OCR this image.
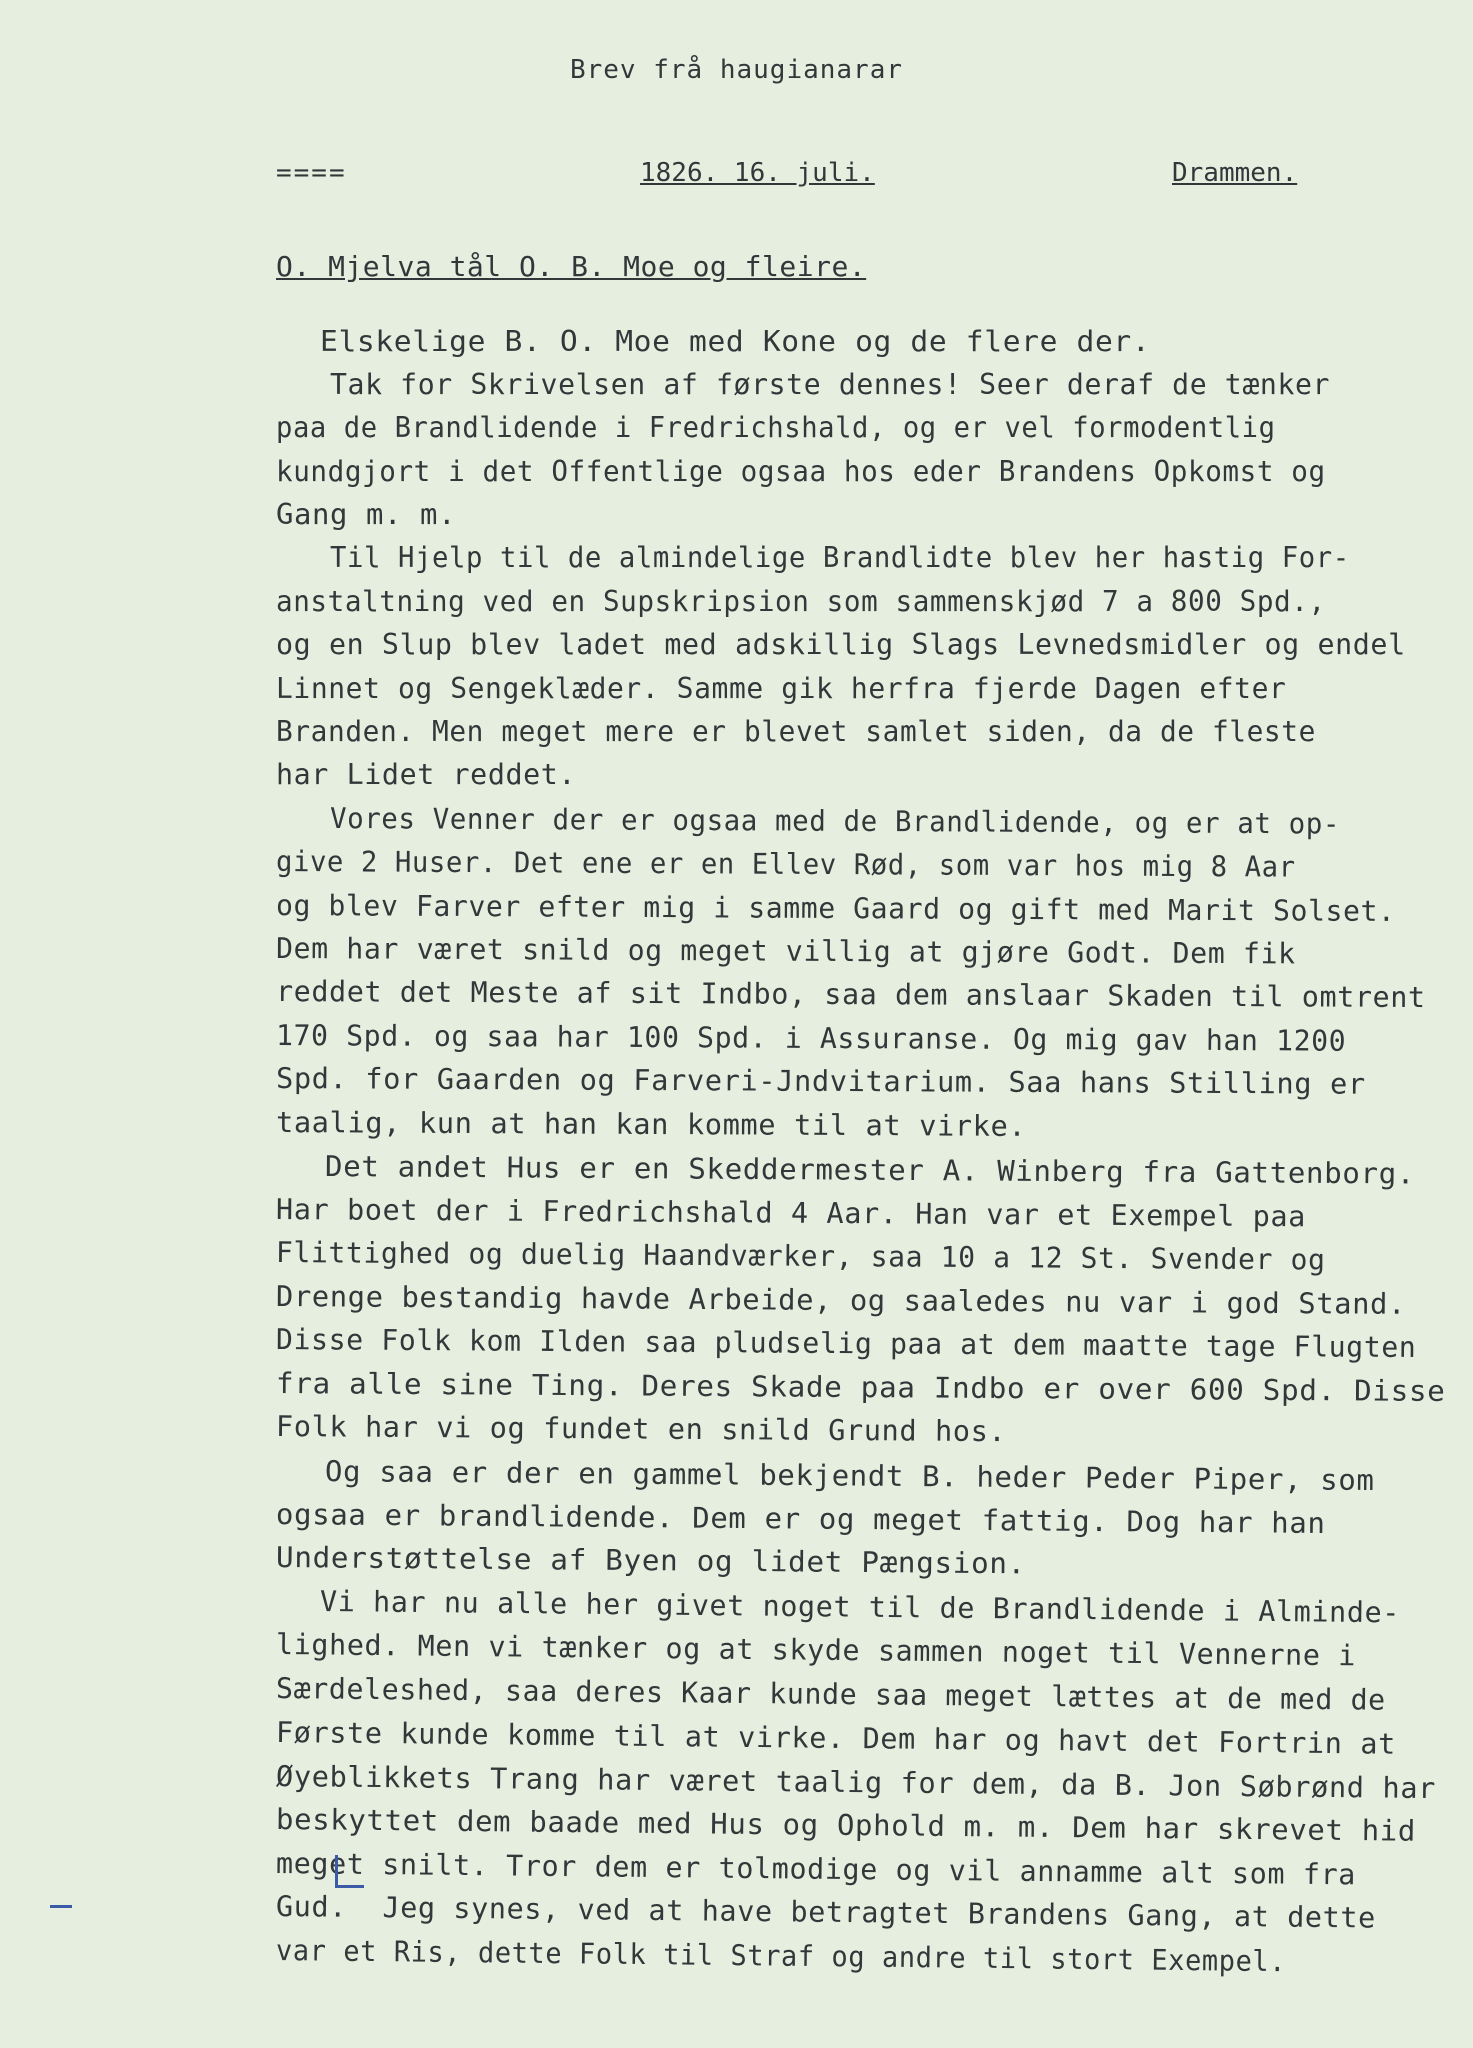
Brev frå haugianarar
====	1826. 16. juli.	Drammen.
O. Mjelva tål O. B. Moe og fleire.
Elskelige B. O. Moe med Kone og de flere der.
Tak for Skrivelsen af første dennes! Seer deraf de tænker
paa de Brandlidende i Fredrichshald, og er vel formodentlig
kundgjort i det Offentlige ogsaa hos eder Brandens Opkomst og
Gang m. m.
Til Hjelp til de almindelige Brandlidte blev her hastig For-
anstaltning ved en Supskripsion som sammenskjød 7 a 800 Spd.,
og en Slup blev ladet med adskillig Slags Levnedsmidler og endel
Linnet og Sengeklæder. Samme gik herfra fjerde Dagen efter
Branden. Men meget mere er blevet samlet siden, da de fleste
har Lidet reddet.
Vores Venner der er ogsaa med de Brandlidende, og er at op-
give 2 Huser. Det ene er en Ellev Rød, som var hos mig 8 Aar
og blev Farver efter mig i samme Gaard og gift med Marit Solset.
Dem har været snild og meget villig at gjøre Godt. Dem fik
reddet det Meste af sit Indbo, saa dem anslaar Skaden til omtrent
170 Spd. og saa har 100 Spd. i Assuranse. Og mig gav han 1200
Spd. for Gaarden og Farveri-Jndvitarium. Saa hans Stilling er
taalig, kun at han kan komme til at virke.
Det andet Hus er en Skeddermester A. Winberg fra Gattenborg.
Har boet der i Fredrichshald 4 Aar. Han var et Exempel paa
Flittighed og duelig Haandværker, saa 10 a 12 St. Svender og
Drenge bestandig havde Arbeide, og saaledes nu var i god Stand.
Disse Folk kom Ilden saa pludselig paa at dem maatte tage Flugten
fra alle sine Ting. Deres Skade paa Indbo er over 600 Spd. Disse
Folk har vi og fundet en snild Grund hos.
Og saa er der en gammel bekjendt B. heder Peder Piper, som
ogsaa er brandlidende. Dem er og meget fattig. Dog har han
Understøttelse af Byen og lidet Pængsion.
Vi har nu alle her givet noget til de Brandlidende i Alminde-
lighed. Men vi tænker og at skyde sammen noget til Vennerne i
Særdeleshed, saa deres Kaar kunde saa meget lættes at de med de
Første kunde komme til at virke. Dem har og havt det Fortrin at
Øyeblikkets Trang har været taalig for dem, da B. Jon Søbrønd har
beskyttet dem baade med Hus og Ophold m. m. Dem har skrevet hid
meget snilt. Tror dem er tolmodige og vil annamme alt som fra
Gud.  Jeg synes, ved at have betragtet Brandens Gang, at dette
var et Ris, dette Folk til Straf og andre til stort Exempel.
